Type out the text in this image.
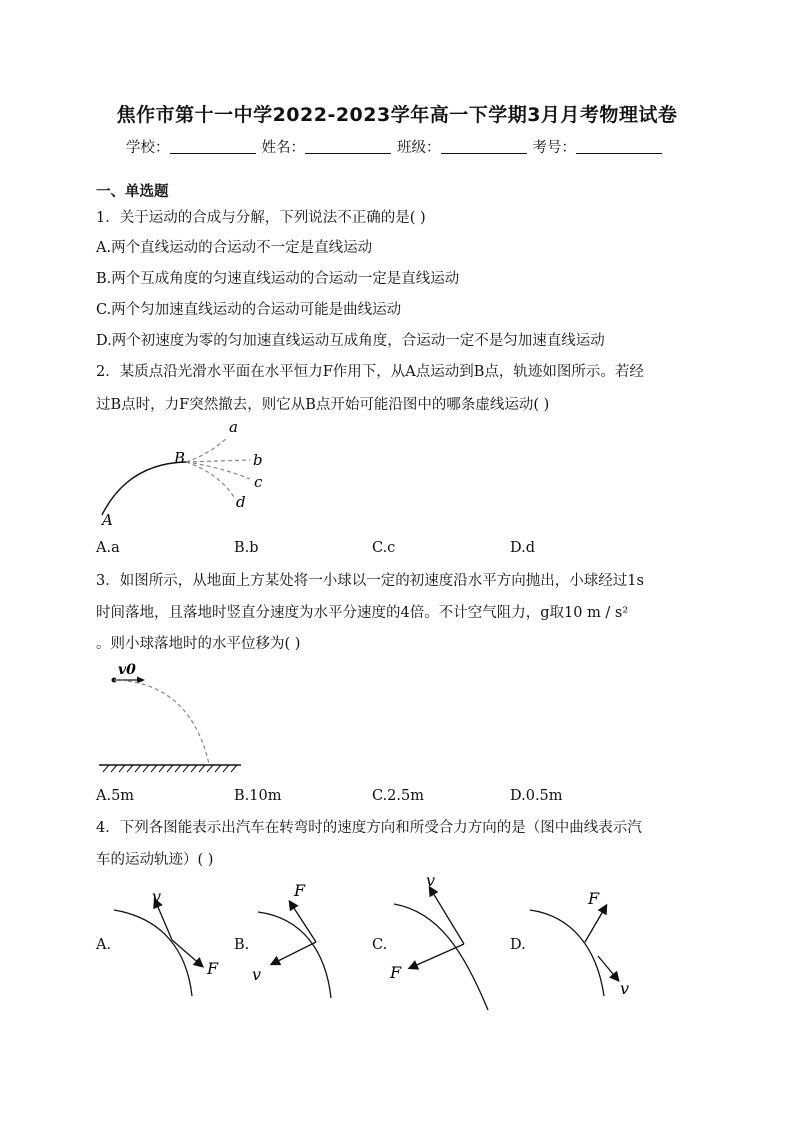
焦作市第十一中学2022-2023学年高一下学期3月月考物理试卷
学校：	姓名：	班级：	考号：
一、单选题
1．关于运动的合成与分解，下列说法不正确的是( )
A.两个直线运动的合运动不一定是直线运动
B.两个互成角度的匀速直线运动的合运动一定是直线运动
C.两个匀加速直线运动的合运动可能是曲线运动
D.两个初速度为零的匀加速直线运动互成角度，合运动一定不是匀加速直线运动
2．某质点沿光滑水平面在水平恒力F作用下，从A点运动到B点，轨迹如图所示。若经
过B点时，力F突然撤去，则它从B点开始可能沿图中的哪条虚线运动( )
a
b
c
d
B
A
A.a	B.b	C.c	D.d
3．如图所示，从地面上方某处将一小球以一定的初速度沿水平方向抛出，小球经过1s
时间落地，且落地时竖直分速度为水平分速度的4倍。不计空气阻力，g取10 m / s²
。则小球落地时的水平位移为( )
v0
A.5m	B.10m	C.2.5m	D.0.5m
4．下列各图能表示出汽车在转弯时的速度方向和所受合力方向的是（图中曲线表示汽
车的运动轨迹）( )
A.	B.	C.	D.
v
F
F
v
v
F
F
v
